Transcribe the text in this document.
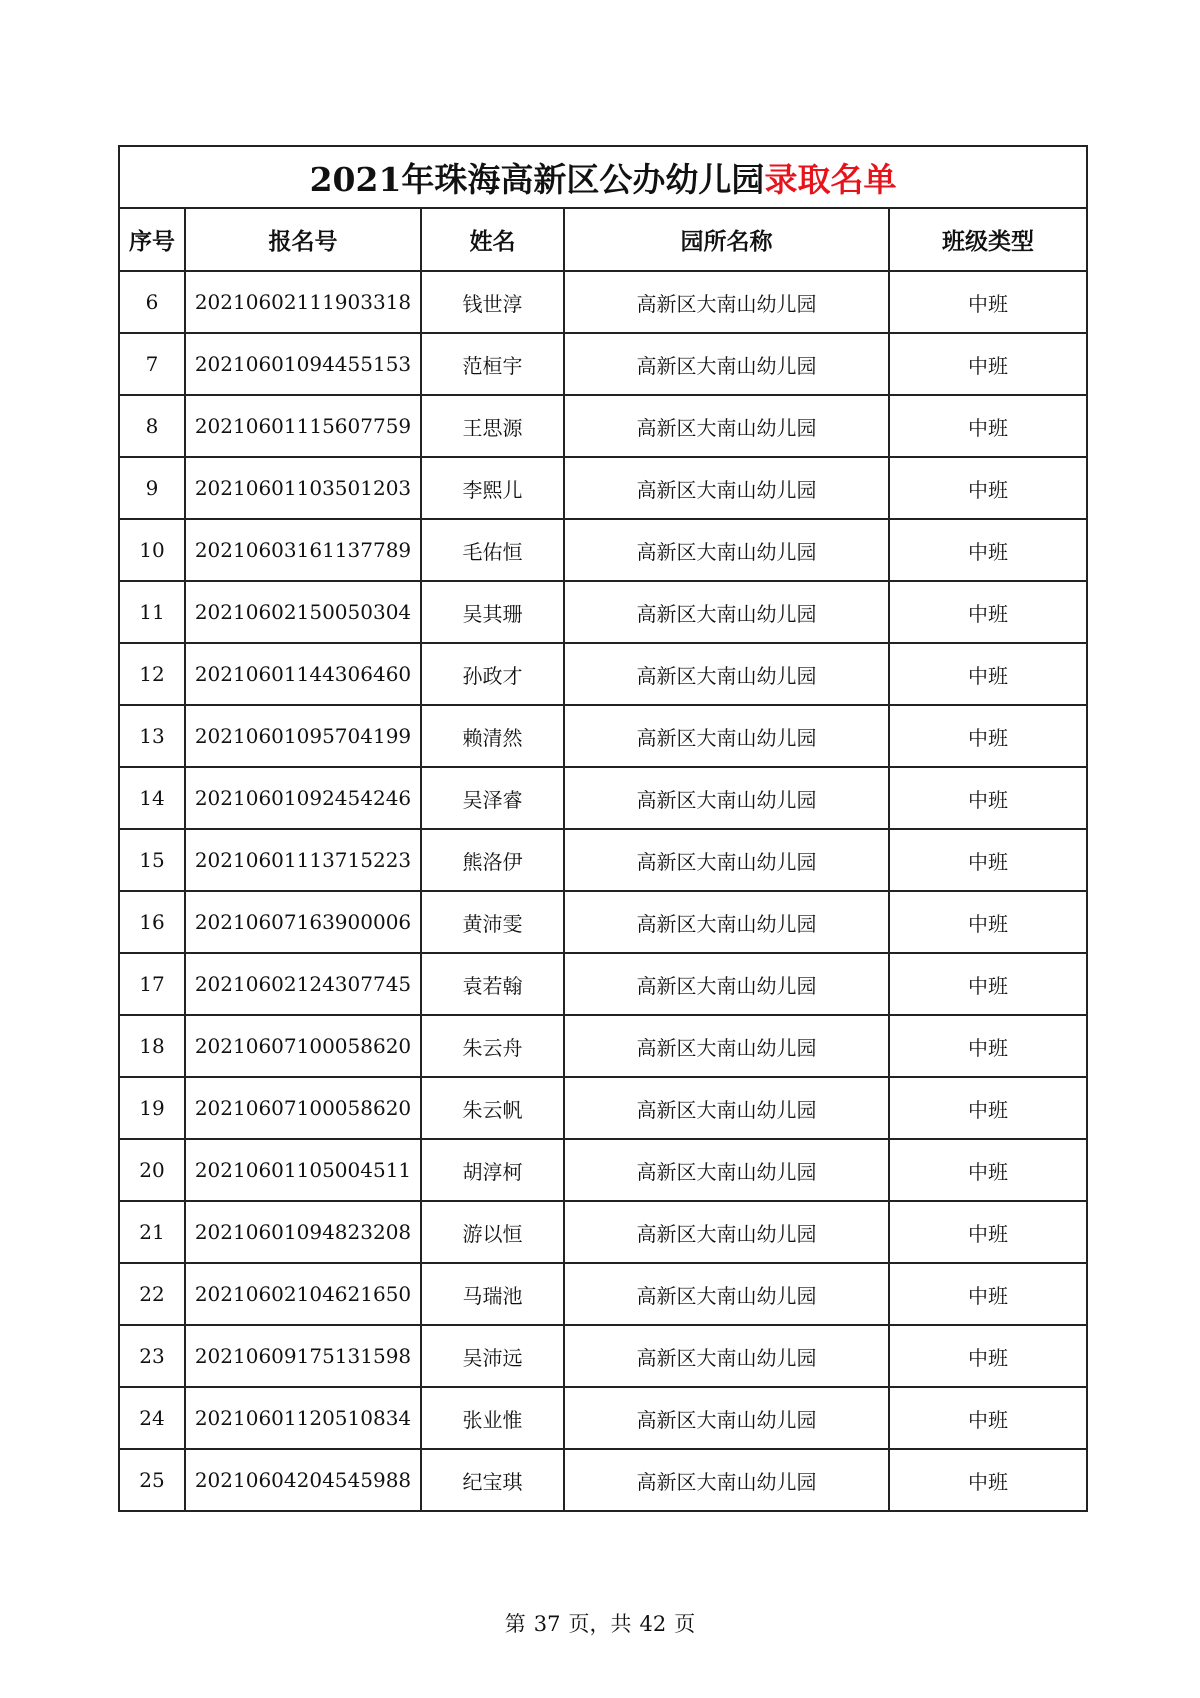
2021年珠海高新区公办幼儿园录取名单				
序号	报名号	姓名	园所名称	班级类型
6	20210602111903318	钱世淳	高新区大南山幼儿园	中班
7	20210601094455153	范桓宇	高新区大南山幼儿园	中班
8	20210601115607759	王思源	高新区大南山幼儿园	中班
9	20210601103501203	李熙儿	高新区大南山幼儿园	中班
10	20210603161137789	毛佑恒	高新区大南山幼儿园	中班
11	20210602150050304	吴其珊	高新区大南山幼儿园	中班
12	20210601144306460	孙政才	高新区大南山幼儿园	中班
13	20210601095704199	赖清然	高新区大南山幼儿园	中班
14	20210601092454246	吴泽睿	高新区大南山幼儿园	中班
15	20210601113715223	熊洛伊	高新区大南山幼儿园	中班
16	20210607163900006	黄沛雯	高新区大南山幼儿园	中班
17	20210602124307745	袁若翰	高新区大南山幼儿园	中班
18	20210607100058620	朱云舟	高新区大南山幼儿园	中班
19	20210607100058620	朱云帆	高新区大南山幼儿园	中班
20	20210601105004511	胡淳柯	高新区大南山幼儿园	中班
21	20210601094823208	游以恒	高新区大南山幼儿园	中班
22	20210602104621650	马瑞池	高新区大南山幼儿园	中班
23	20210609175131598	吴沛远	高新区大南山幼儿园	中班
24	20210601120510834	张业惟	高新区大南山幼儿园	中班
25	20210604204545988	纪宝琪	高新区大南山幼儿园	中班
第 37 页，共 42 页
